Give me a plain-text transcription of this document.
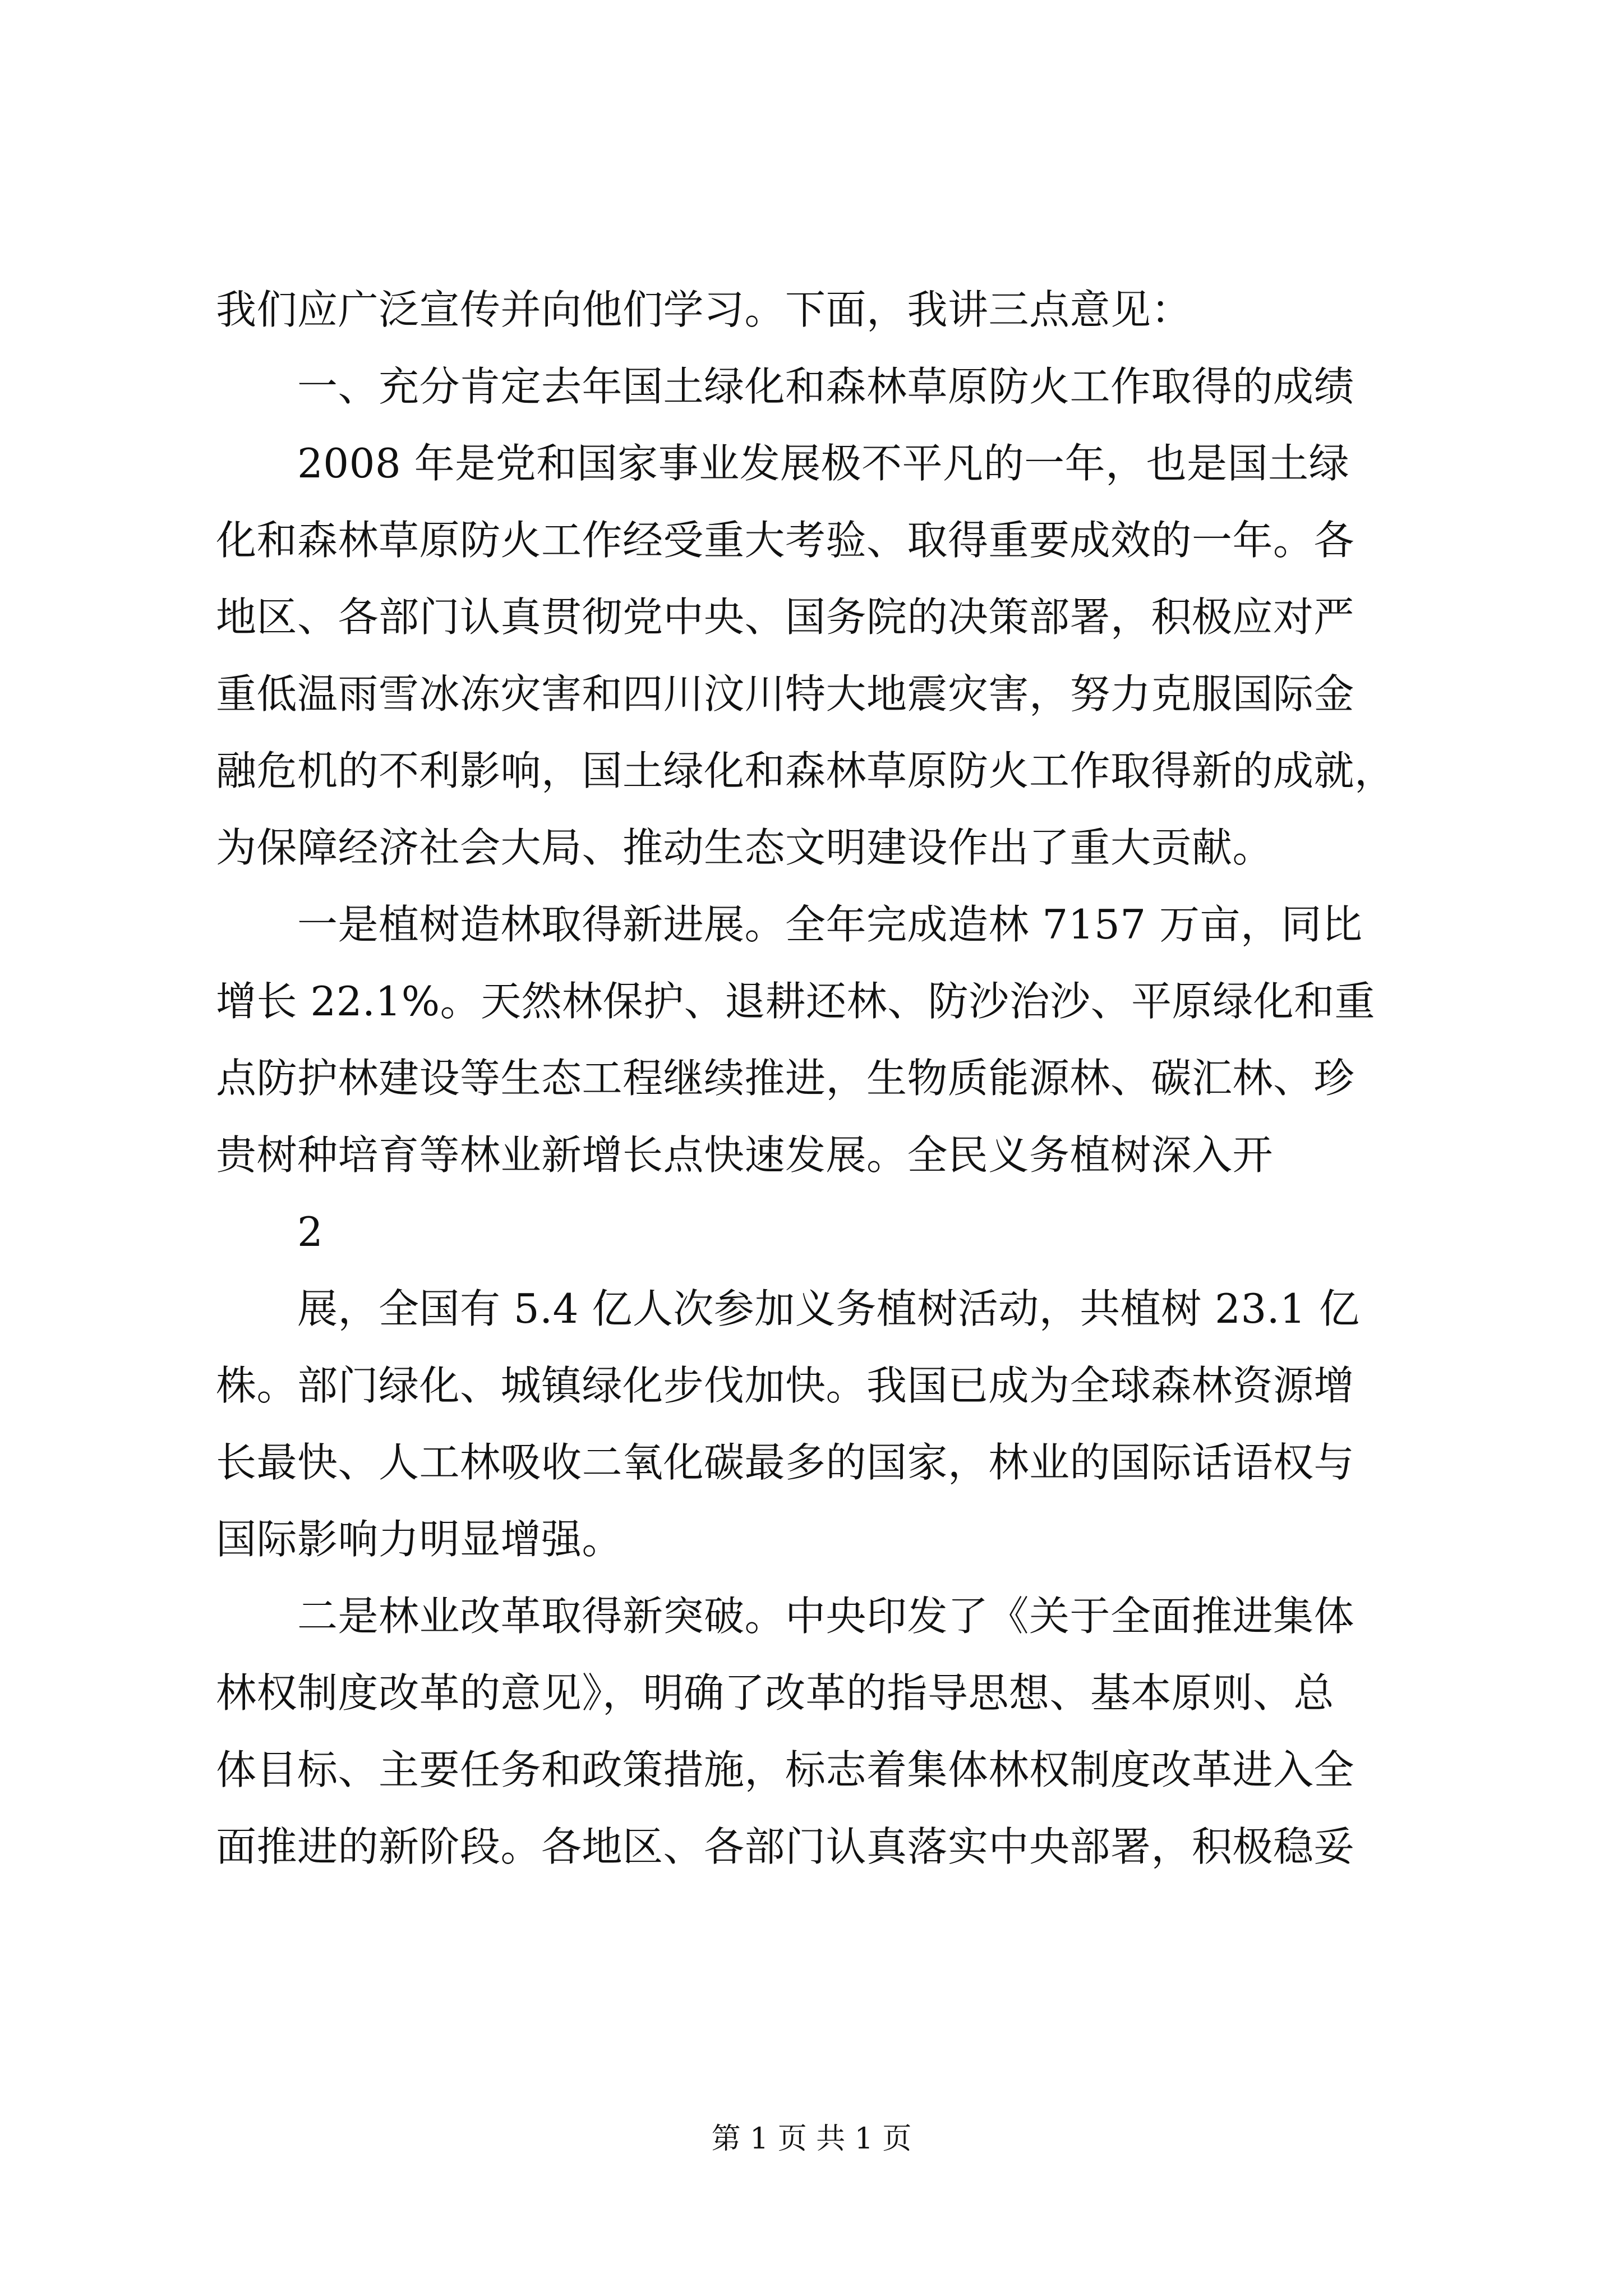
我们应广泛宣传并向他们学习。下面，我讲三点意见：
一、充分肯定去年国土绿化和森林草原防火工作取得的成绩
2008 年是党和国家事业发展极不平凡的一年，也是国土绿
化和森林草原防火工作经受重大考验、取得重要成效的一年。各
地区、各部门认真贯彻党中央、国务院的决策部署，积极应对严
重低温雨雪冰冻灾害和四川汶川特大地震灾害，努力克服国际金
融危机的不利影响，国土绿化和森林草原防火工作取得新的成就，
为保障经济社会大局、推动生态文明建设作出了重大贡献。
一是植树造林取得新进展。全年完成造林 7157 万亩，同比
增长 22.1%。天然林保护、退耕还林、防沙治沙、平原绿化和重
点防护林建设等生态工程继续推进，生物质能源林、碳汇林、珍
贵树种培育等林业新增长点快速发展。全民义务植树深入开
2
展，全国有 5.4 亿人次参加义务植树活动，共植树 23.1 亿
株。部门绿化、城镇绿化步伐加快。我国已成为全球森林资源增
长最快、人工林吸收二氧化碳最多的国家，林业的国际话语权与
国际影响力明显增强。
二是林业改革取得新突破。中央印发了《关于全面推进集体
林权制度改革的意见》，明确了改革的指导思想、基本原则、总
体目标、主要任务和政策措施，标志着集体林权制度改革进入全
面推进的新阶段。各地区、各部门认真落实中央部署，积极稳妥
第 1 页 共 1 页
